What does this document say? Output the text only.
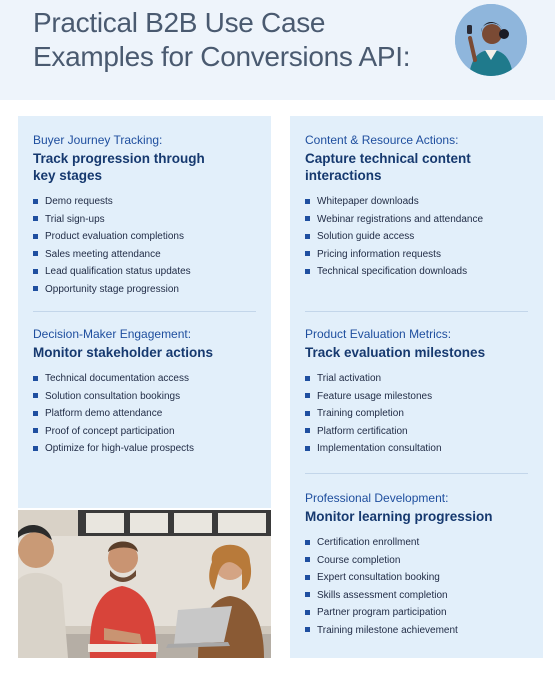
Practical B2B Use Case
Examples for Conversions API:
Buyer Journey Tracking:
Track progression through
key stages
Demo requests
Trial sign-ups
Product evaluation completions
Sales meeting attendance
Lead qualification status updates
Opportunity stage progression
Decision-Maker Engagement:
Monitor stakeholder actions
Technical documentation access
Solution consultation bookings
Platform demo attendance
Proof of concept participation
Optimize for high-value prospects
Content & Resource Actions:
Capture technical content
interactions
Whitepaper downloads
Webinar registrations and attendance
Solution guide access
Pricing information requests
Technical specification downloads
Product Evaluation Metrics:
Track evaluation milestones
Trial activation
Feature usage milestones
Training completion
Platform certification
Implementation consultation
Professional Development:
Monitor learning progression
Certification enrollment
Course completion
Expert consultation booking
Skills assessment completion
Partner program participation
Training milestone achievement
